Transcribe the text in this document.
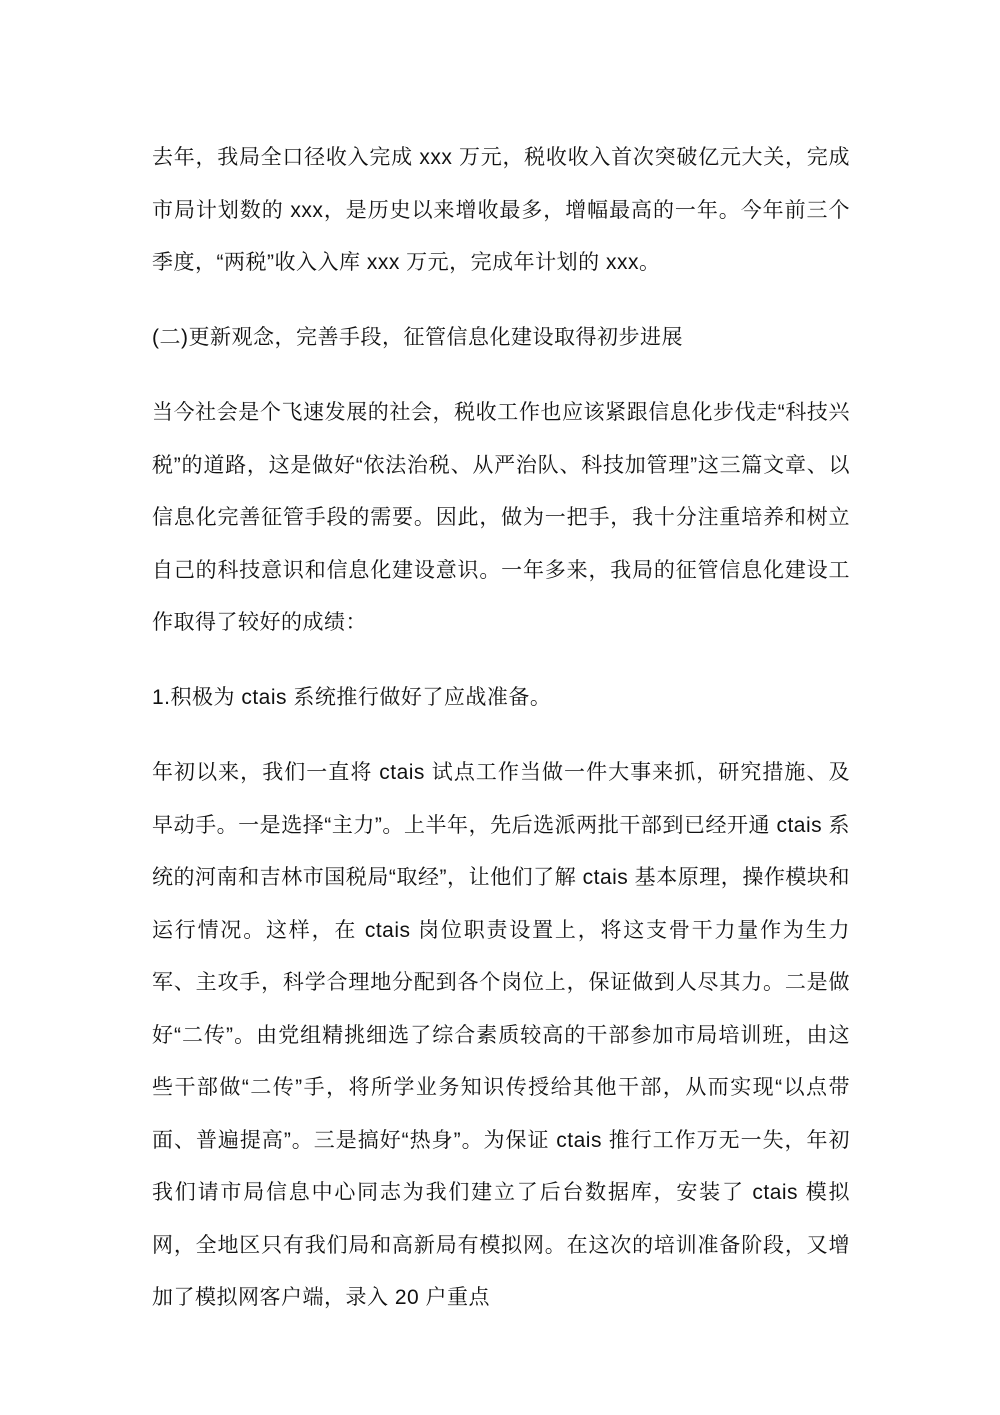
去年，我局全口径收入完成 xxx 万元，税收收入首次突破亿元大关，完成市局计划数的 xxx，是历史以来增收最多，增幅最高的一年。今年前三个季度，“两税”收入入库 xxx 万元，完成年计划的 xxx。

(二)更新观念，完善手段，征管信息化建设取得初步进展

当今社会是个飞速发展的社会，税收工作也应该紧跟信息化步伐走“科技兴税”的道路，这是做好“依法治税、从严治队、科技加管理”这三篇文章、以信息化完善征管手段的需要。因此，做为一把手，我十分注重培养和树立自己的科技意识和信息化建设意识。一年多来，我局的征管信息化建设工作取得了较好的成绩：

1.积极为 ctais 系统推行做好了应战准备。

年初以来，我们一直将 ctais 试点工作当做一件大事来抓，研究措施、及早动手。一是选择“主力”。上半年，先后选派两批干部到已经开通 ctais 系统的河南和吉林市国税局“取经”，让他们了解 ctais 基本原理，操作模块和运行情况。这样，在 ctais 岗位职责设置上，将这支骨干力量作为生力军、主攻手，科学合理地分配到各个岗位上，保证做到人尽其力。二是做好“二传”。由党组精挑细选了综合素质较高的干部参加市局培训班，由这些干部做“二传”手，将所学业务知识传授给其他干部，从而实现“以点带面、普遍提高”。三是搞好“热身”。为保证 ctais 推行工作万无一失，年初我们请市局信息中心同志为我们建立了后台数据库，安装了 ctais 模拟网，全地区只有我们局和高新局有模拟网。在这次的培训准备阶段，又增加了模拟网客户端，录入 20 户重点
